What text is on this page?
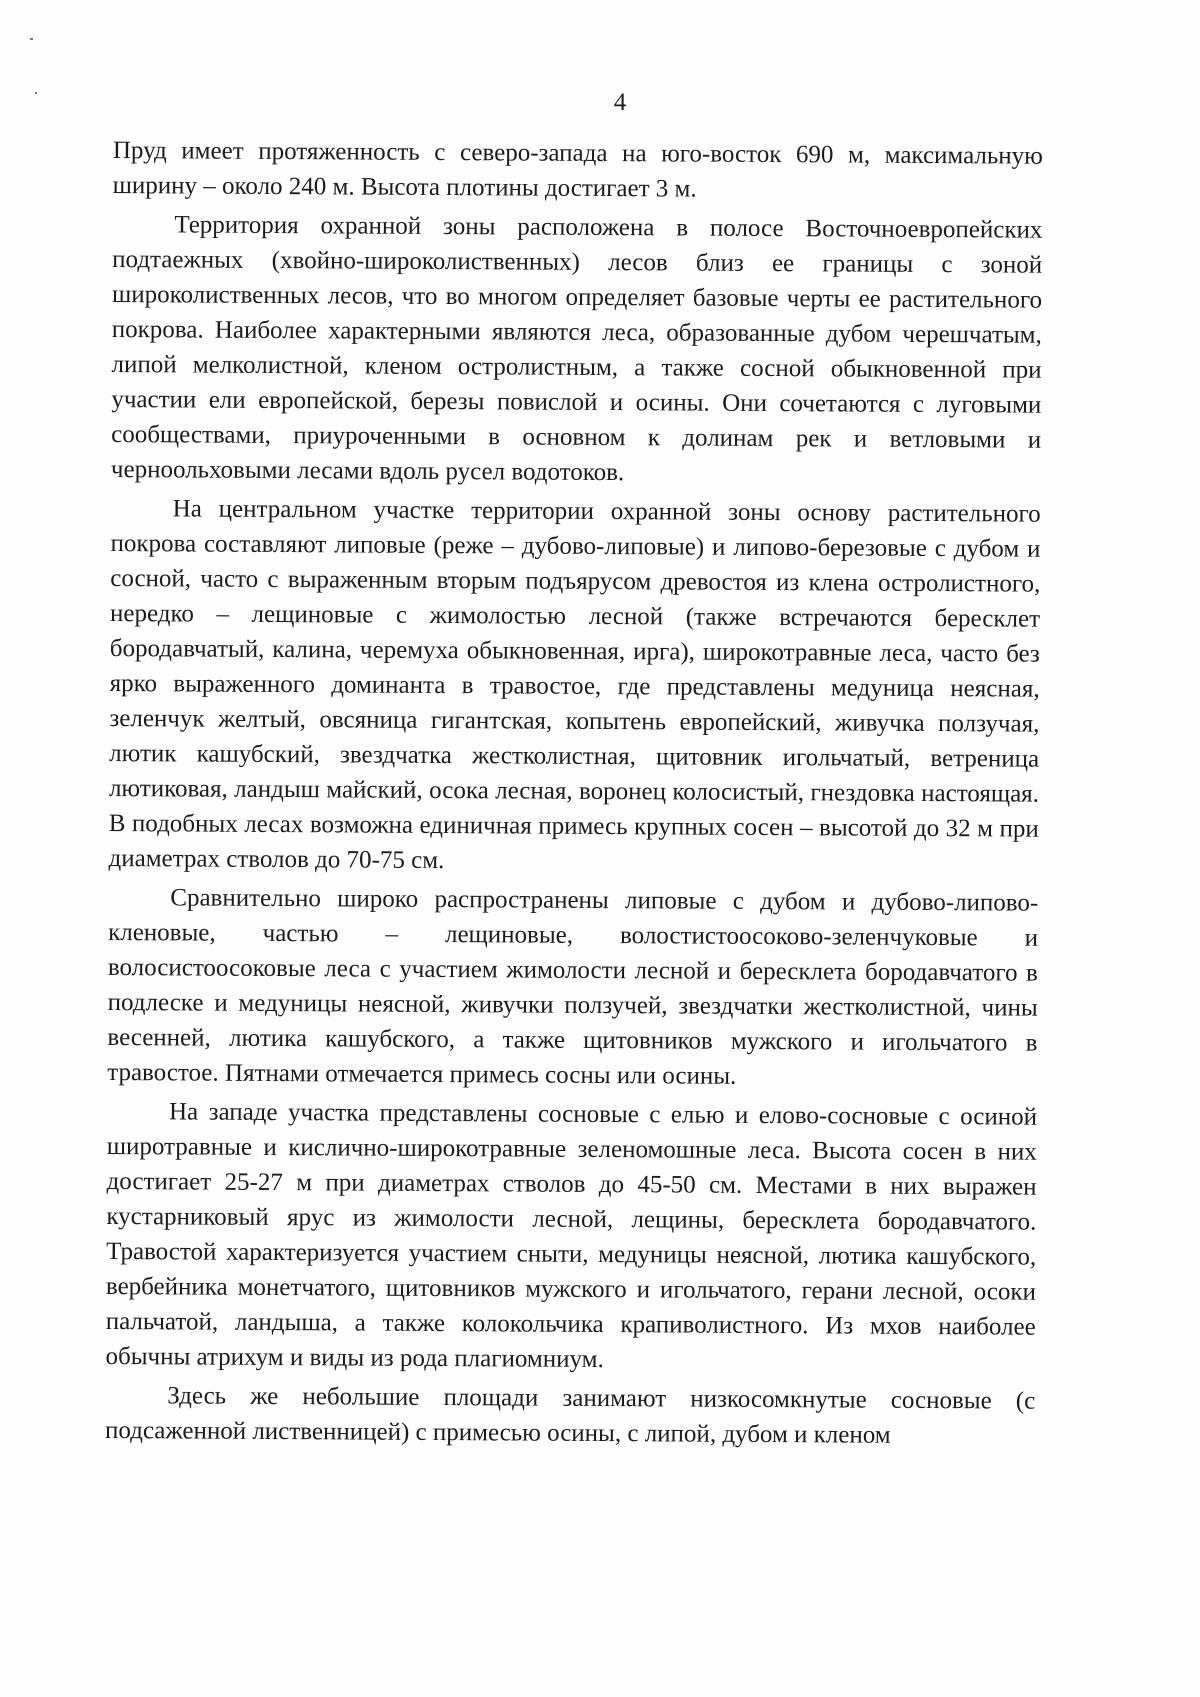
4

Пруд имеет протяженность с северо-запада на юго-восток 690 м, максимальную ширину – около 240 м. Высота плотины достигает 3 м.

Территория охранной зоны расположена в полосе Восточноевропейских подтаежных (хвойно-широколиственных) лесов близ ее границы с зоной широколиственных лесов, что во многом определяет базовые черты ее растительного покрова. Наиболее характерными являются леса, образованные дубом черешчатым, липой мелколистной, кленом остролистным, а также сосной обыкновенной при участии ели европейской, березы повислой и осины. Они сочетаются с луговыми сообществами, приуроченными в основном к долинам рек и ветловыми и черноольховыми лесами вдоль русел водотоков.

На центральном участке территории охранной зоны основу растительного покрова составляют липовые (реже – дубово-липовые) и липово-березовые с дубом и сосной, часто с выраженным вторым подъярусом древостоя из клена остролистного, нередко – лещиновые с жимолостью лесной (также встречаются бересклет бородавчатый, калина, черемуха обыкновенная, ирга), широкотравные леса, часто без ярко выраженного доминанта в травостое, где представлены медуница неясная, зеленчук желтый, овсяница гигантская, копытень европейский, живучка ползучая, лютик кашубский, звездчатка жестколистная, щитовник игольчатый, ветреница лютиковая, ландыш майский, осока лесная, воронец колосистый, гнездовка настоящая. В подобных лесах возможна единичная примесь крупных сосен – высотой до 32 м при диаметрах стволов до 70-75 см.

Сравнительно широко распространены липовые с дубом и дубово-липово-кленовые, частью – лещиновые, волостистоосоково-зеленчуковые и волосистоосоковые леса с участием жимолости лесной и бересклета бородавчатого в подлеске и медуницы неясной, живучки ползучей, звездчатки жестколистной, чины весенней, лютика кашубского, а также щитовников мужского и игольчатого в травостое. Пятнами отмечается примесь сосны или осины.

На западе участка представлены сосновые с елью и елово-сосновые с осиной широтравные и кислично-широкотравные зеленомошные леса. Высота сосен в них достигает 25-27 м при диаметрах стволов до 45-50 см. Местами в них выражен кустарниковый ярус из жимолости лесной, лещины, бересклета бородавчатого. Травостой характеризуется участием сныти, медуницы неясной, лютика кашубского, вербейника монетчатого, щитовников мужского и игольчатого, герани лесной, осоки пальчатой, ландыша, а также колокольчика крапиволистного. Из мхов наиболее обычны атрихум и виды из рода плагиомниум.

Здесь же небольшие площади занимают низкосомкнутые сосновые (с подсаженной лиственницей) с примесью осины, с липой, дубом и кленом
